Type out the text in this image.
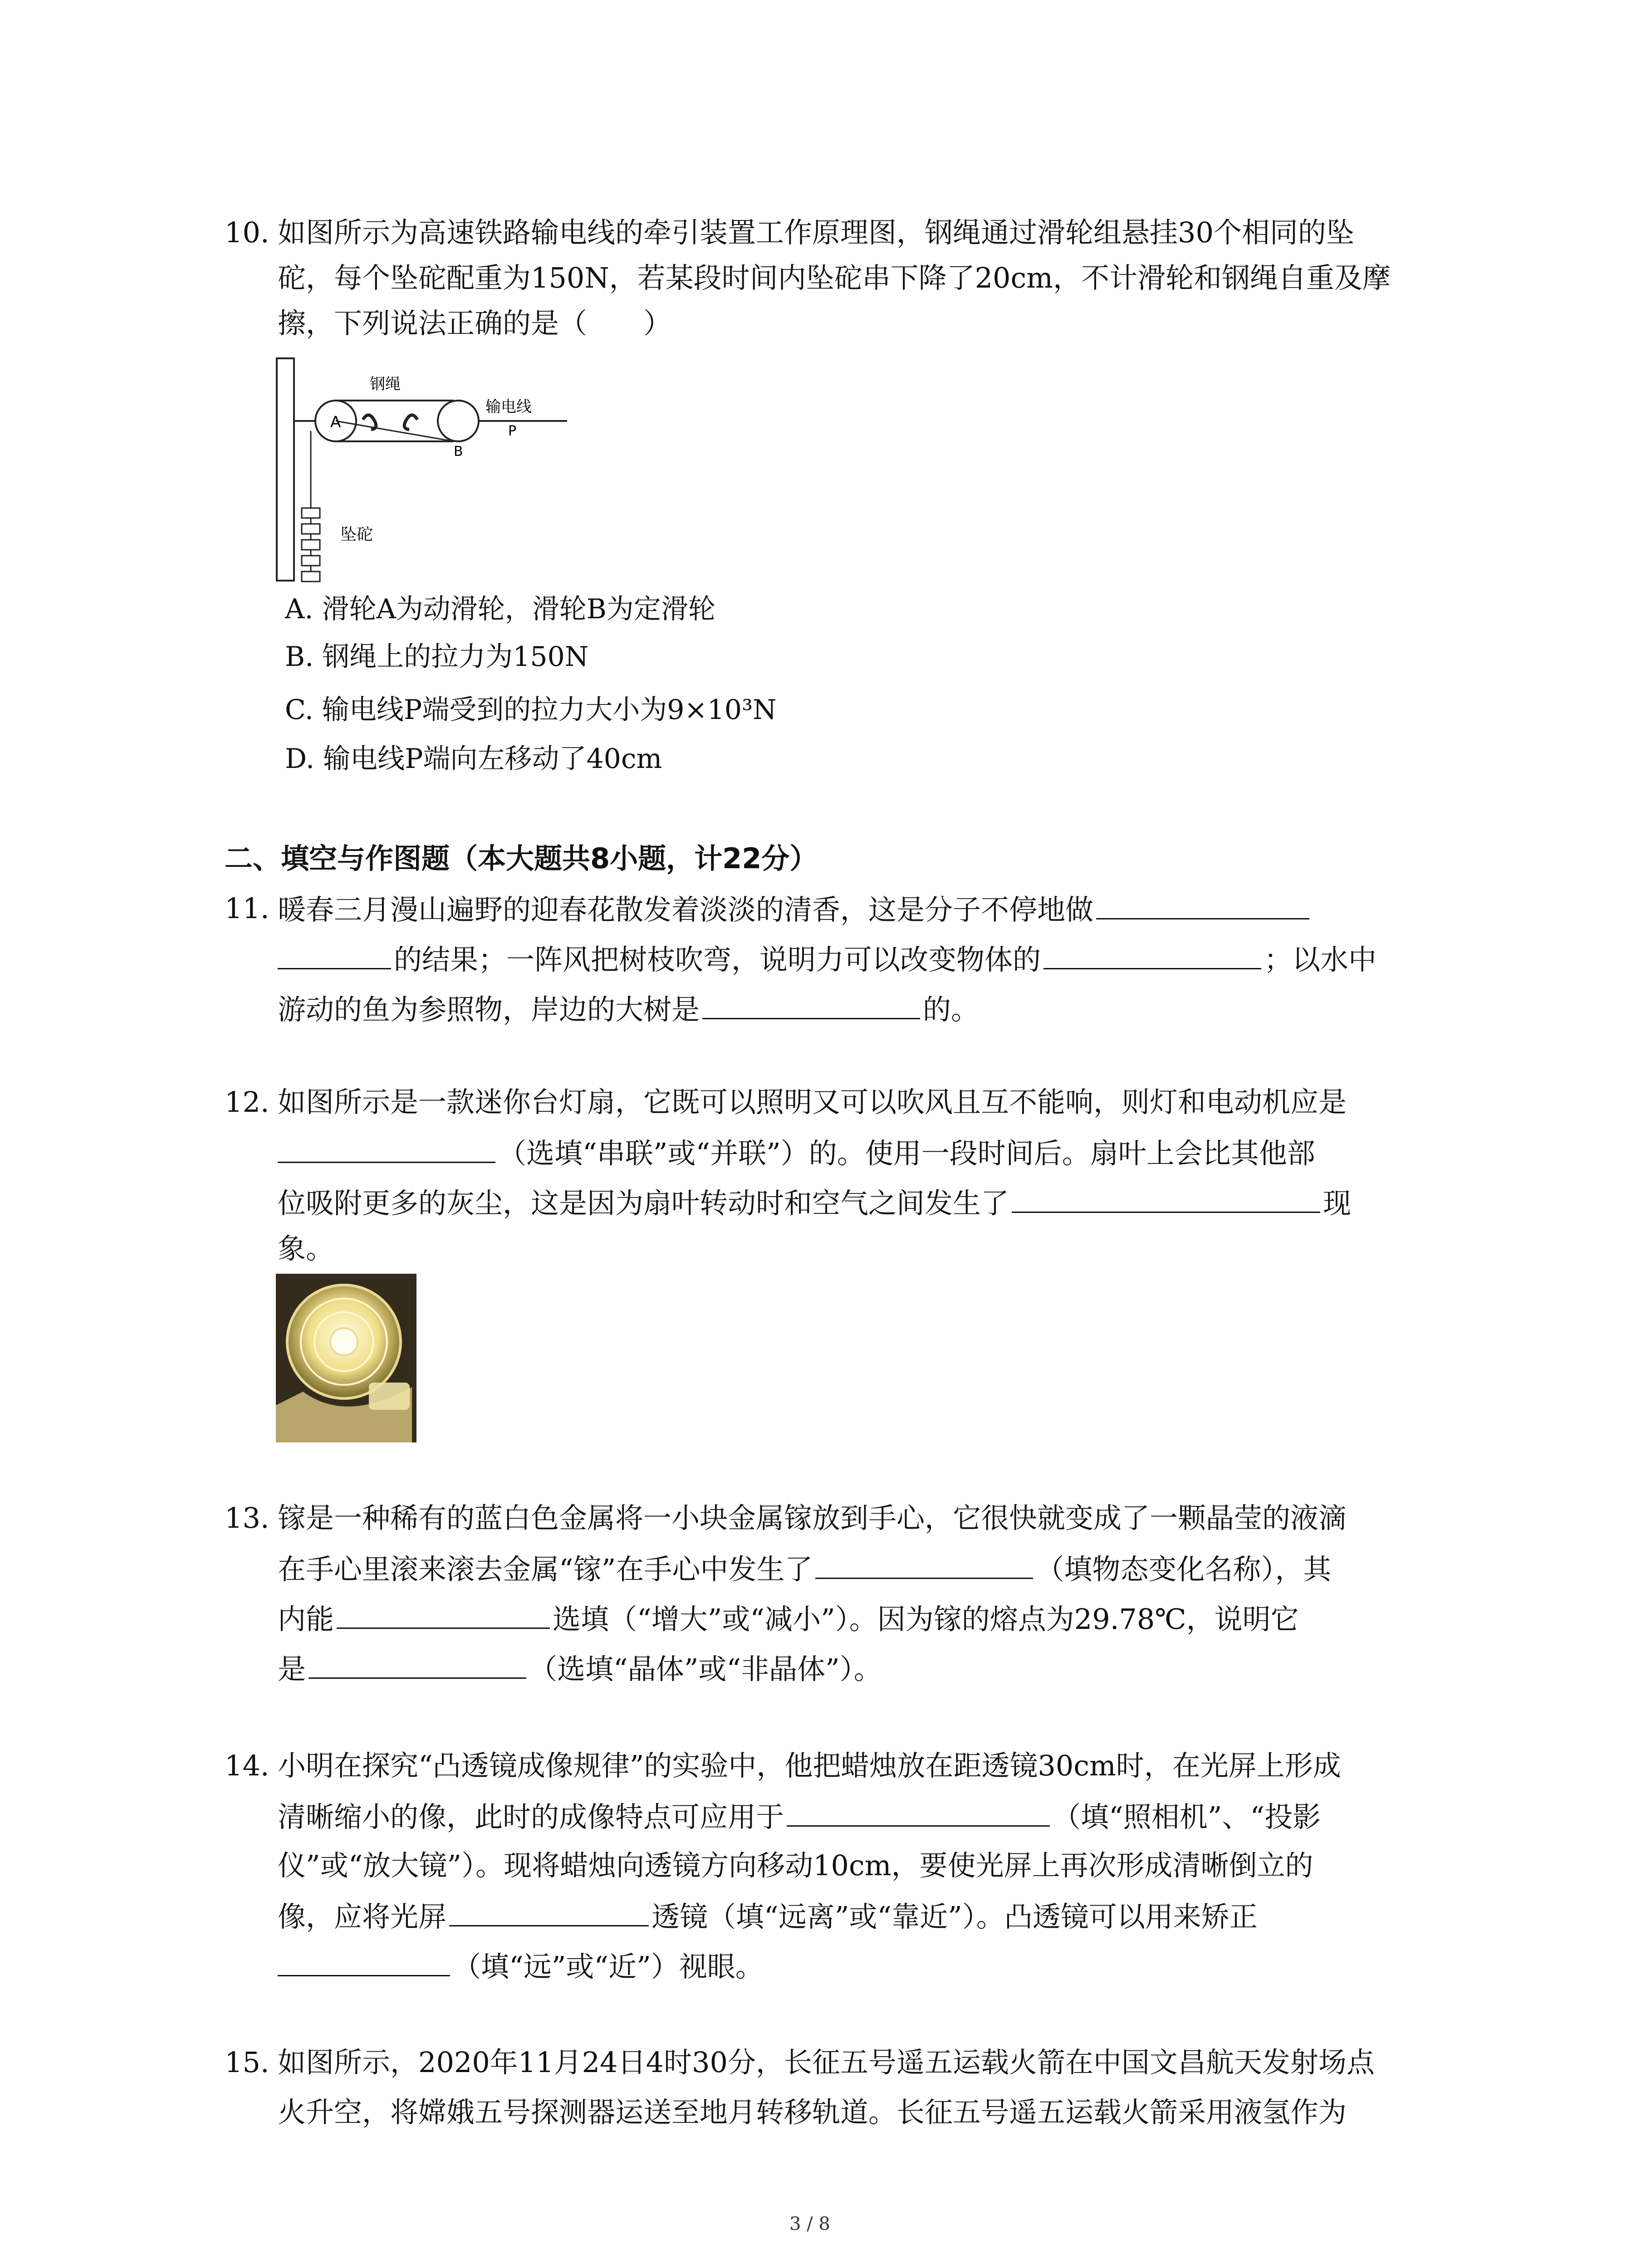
10. 如图所示为高速铁路输电线的牵引装置工作原理图，钢绳通过滑轮组悬挂30个相同的坠
砣，每个坠砣配重为150N，若某段时间内坠砣串下降了20cm，不计滑轮和钢绳自重及摩
擦，下列说法正确的是（　　）
A
钢绳
输电线
P
B
坠砣
A. 滑轮A为动滑轮，滑轮B为定滑轮
B. 钢绳上的拉力为150N
C. 输电线P端受到的拉力大小为9×10³N
D. 输电线P端向左移动了40cm
二、填空与作图题（本大题共8小题，计22分）
11. 暖春三月漫山遍野的迎春花散发着淡淡的清香，这是分子不停地做
的结果；一阵风把树枝吹弯，说明力可以改变物体的	；以水中
游动的鱼为参照物，岸边的大树是	的。
12. 如图所示是一款迷你台灯扇，它既可以照明又可以吹风且互不能响，则灯和电动机应是
（选填“串联”或“并联”）的。使用一段时间后。扇叶上会比其他部
位吸附更多的灰尘，这是因为扇叶转动时和空气之间发生了	现
象。
13. 镓是一种稀有的蓝白色金属将一小块金属镓放到手心，它很快就变成了一颗晶莹的液滴
在手心里滚来滚去金属“镓”在手心中发生了	（填物态变化名称），其
内能	选填（“增大”或“减小”）。因为镓的熔点为29.78℃，说明它
是	（选填“晶体”或“非晶体”）。
14. 小明在探究“凸透镜成像规律”的实验中，他把蜡烛放在距透镜30cm时，在光屏上形成
清晰缩小的像，此时的成像特点可应用于	（填“照相机”、“投影
仪”或“放大镜”）。现将蜡烛向透镜方向移动10cm，要使光屏上再次形成清晰倒立的
像，应将光屏	透镜（填“远离”或“靠近”）。凸透镜可以用来矫正
（填“远”或“近”）视眼。
15. 如图所示，2020年11月24日4时30分，长征五号遥五运载火箭在中国文昌航天发射场点
火升空，将嫦娥五号探测器运送至地月转移轨道。长征五号遥五运载火箭采用液氢作为
3 / 8
